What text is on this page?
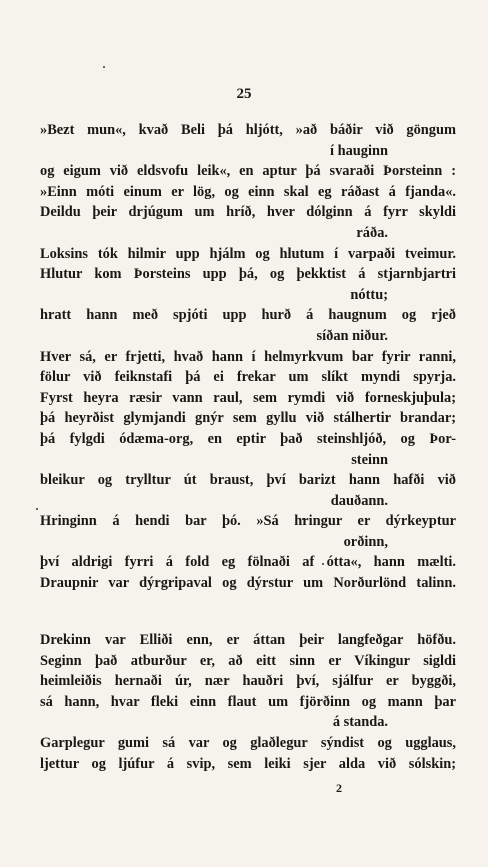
25
»Bezt mun«, kvað Beli þá hljótt, »að báðir við göngum
í hauginn
og eigum við eldsvofu leik«, en aptur þá svaraði Þorsteinn :
»Einn móti einum er lög, og einn skal eg ráðast á fjanda«.
Deildu þeir drjúgum um hríð, hver dólginn á fyrr skyldi
ráða.
Loksins tók hilmir upp hjálm og hlutum í varpaði tveimur.
Hlutur kom Þorsteins upp þá, og þekktist á stjarnbjartri
nóttu;
hratt hann með spjóti upp hurð á haugnum og rjeð
síðan niður.
Hver sá, er frjetti, hvað hann í helmyrkvum bar fyrir ranni,
fölur við feiknstafi þá ei frekar um slíkt myndi spyrja.
Fyrst heyra ræsir vann raul, sem rymdi við forneskjuþula;
þá heyrðist glymjandi gnýr sem gyllu við stálhertir brandar;
þá fylgdi ódæma-org, en eptir það steinshljóð, og Þor-
steinn
bleikur og trylltur út braust, því barizt hann hafði við
dauðann.
Hringinn á hendi bar þó. »Sá hringur er dýrkeyptur
orðinn,
því aldrigi fyrri á fold eg fölnaði af ótta«, hann mælti.
Draupnir var dýrgripaval og dýrstur um Norðurlönd talinn.
Drekinn var Elliði enn, er áttan þeir langfeðgar höfðu.
Seginn það atburður er, að eitt sinn er Víkingur sigldi
heimleiðis hernaði úr, nær hauðri því, sjálfur er byggði,
sá hann, hvar fleki einn flaut um fjörðinn og mann þar
á standa.
Garplegur gumi sá var og glaðlegur sýndist og ugglaus,
ljettur og ljúfur á svip, sem leiki sjer alda við sólskin;
2
